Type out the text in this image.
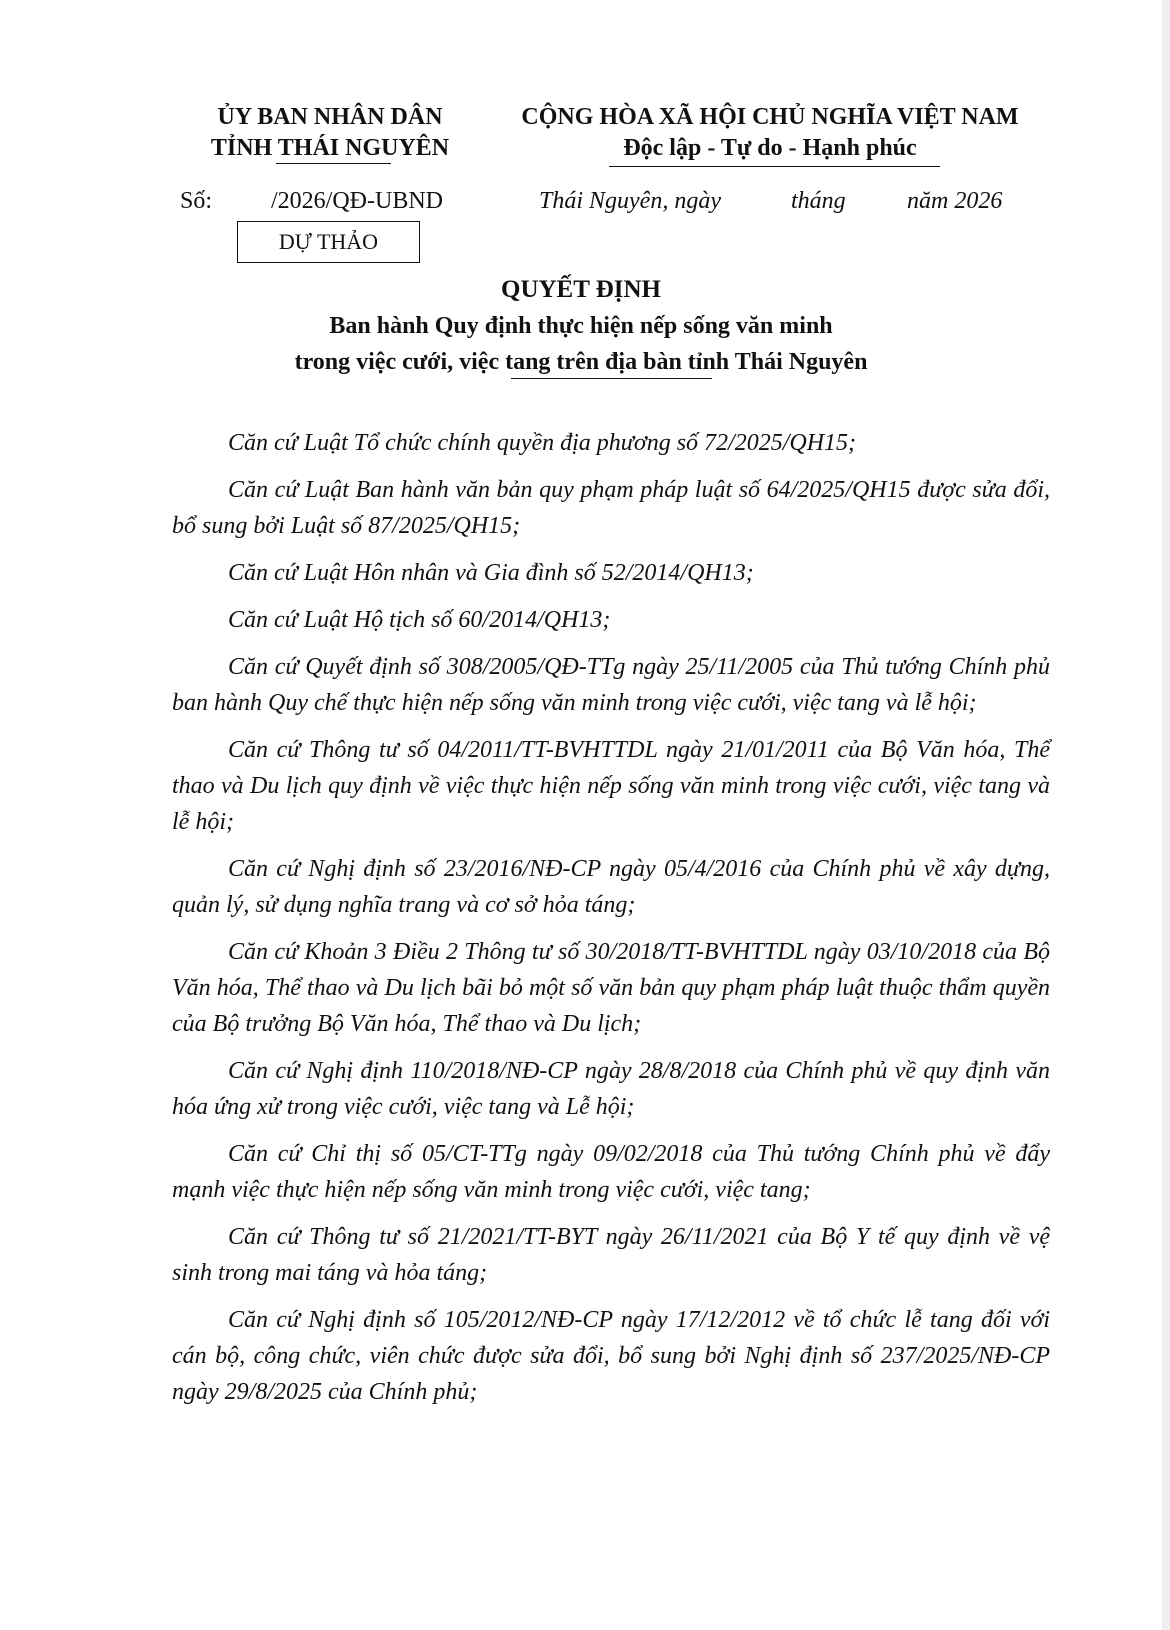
ỦY BAN NHÂN DÂN
TỈNH THÁI NGUYÊN
CỘNG HÒA XÃ HỘI CHỦ NGHĨA VIỆT NAM
Độc lập - Tự do - Hạnh phúc
Số: /2026/QĐ-UBND	Thái Nguyên, ngày	tháng	năm 2026
DỰ THẢO
QUYẾT ĐỊNH
Ban hành Quy định thực hiện nếp sống văn minh
trong việc cưới, việc tang trên địa bàn tỉnh Thái Nguyên

Căn cứ Luật Tổ chức chính quyền địa phương số 72/2025/QH15;

Căn cứ Luật Ban hành văn bản quy phạm pháp luật số 64/2025/QH15 được sửa đổi, bổ sung bởi Luật số 87/2025/QH15;

Căn cứ Luật Hôn nhân và Gia đình số 52/2014/QH13;

Căn cứ Luật Hộ tịch số 60/2014/QH13;

Căn cứ Quyết định số 308/2005/QĐ-TTg ngày 25/11/2005 của Thủ tướng Chính phủ ban hành Quy chế thực hiện nếp sống văn minh trong việc cưới, việc tang và lễ hội;

Căn cứ Thông tư số 04/2011/TT-BVHTTDL ngày 21/01/2011 của Bộ Văn hóa, Thể thao và Du lịch quy định về việc thực hiện nếp sống văn minh trong việc cưới, việc tang và lễ hội;

Căn cứ Nghị định số 23/2016/NĐ-CP ngày 05/4/2016 của Chính phủ về xây dựng, quản lý, sử dụng nghĩa trang và cơ sở hỏa táng;

Căn cứ Khoản 3 Điều 2 Thông tư số 30/2018/TT-BVHTTDL ngày 03/10/2018 của Bộ Văn hóa, Thể thao và Du lịch bãi bỏ một số văn bản quy phạm pháp luật thuộc thẩm quyền của Bộ trưởng Bộ Văn hóa, Thể thao và Du lịch;

Căn cứ Nghị định 110/2018/NĐ-CP ngày 28/8/2018 của Chính phủ về quy định văn hóa ứng xử trong việc cưới, việc tang và Lễ hội;

Căn cứ Chỉ thị số 05/CT-TTg ngày 09/02/2018 của Thủ tướng Chính phủ về đẩy mạnh việc thực hiện nếp sống văn minh trong việc cưới, việc tang;

Căn cứ Thông tư số 21/2021/TT-BYT ngày 26/11/2021 của Bộ Y tế quy định về vệ sinh trong mai táng và hỏa táng;

Căn cứ Nghị định số 105/2012/NĐ-CP ngày 17/12/2012 về tổ chức lễ tang đối với cán bộ, công chức, viên chức được sửa đổi, bổ sung bởi Nghị định số 237/2025/NĐ-CP ngày 29/8/2025 của Chính phủ;
